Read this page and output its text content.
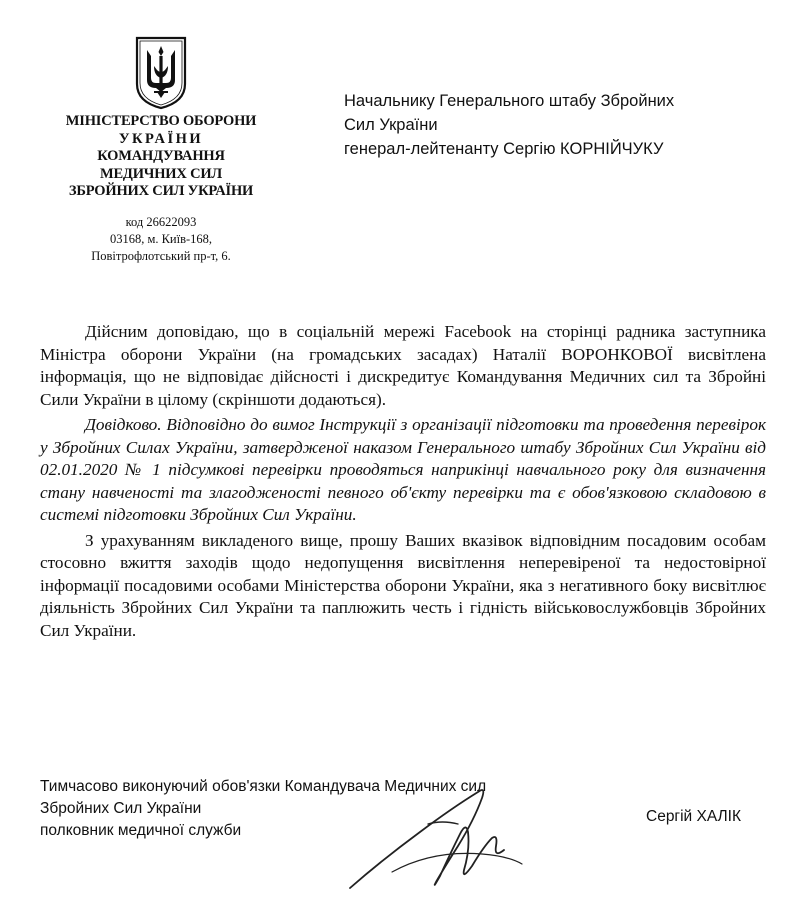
МІНІСТЕРСТВО ОБОРОНИ
УКРАЇНИ
КОМАНДУВАННЯ
МЕДИЧНИХ СИЛ
ЗБРОЙНИХ СИЛ УКРАЇНИ
код 26622093
03168, м. Київ-168,
Повітрофлотський пр-т, 6.
Начальнику Генерального штабу Збройних
Сил України
генерал-лейтенанту Сергію КОРНІЙЧУКУ

Дійсним доповідаю, що в соціальній мережі Facebook на сторінці радника заступника Міністра оборони України (на громадських засадах) Наталії ВОРОНКОВОЇ висвітлена інформація, що не відповідає дійсності і дискредитує Командування Медичних сил та Збройні Сили України в цілому (скріншоти додаються).

Довідково. Відповідно до вимог Інструкції з організації підготовки та проведення перевірок у Збройних Силах України, затвердженої наказом Генерального штабу Збройних Сил України від 02.01.2020 № 1 підсумкові перевірки проводяться наприкінці навчального року для визначення стану навченості та злагодженості певного об'єкту перевірки та є обов'язковою складовою в системі підготовки Збройних Сил України.

З урахуванням викладеного вище, прошу Ваших вказівок відповідним посадовим особам стосовно вжиття заходів щодо недопущення висвітлення неперевіреної та недостовірної інформації посадовими особами Міністерства оборони України, яка з негативного боку висвітлює діяльність Збройних Сил України та паплюжить честь і гідність військовослужбовців Збройних Сил України.

Тимчасово виконуючий обов'язки Командувача Медичних сил
Збройних Сил України
полковник медичної служби
Сергій ХАЛІК
